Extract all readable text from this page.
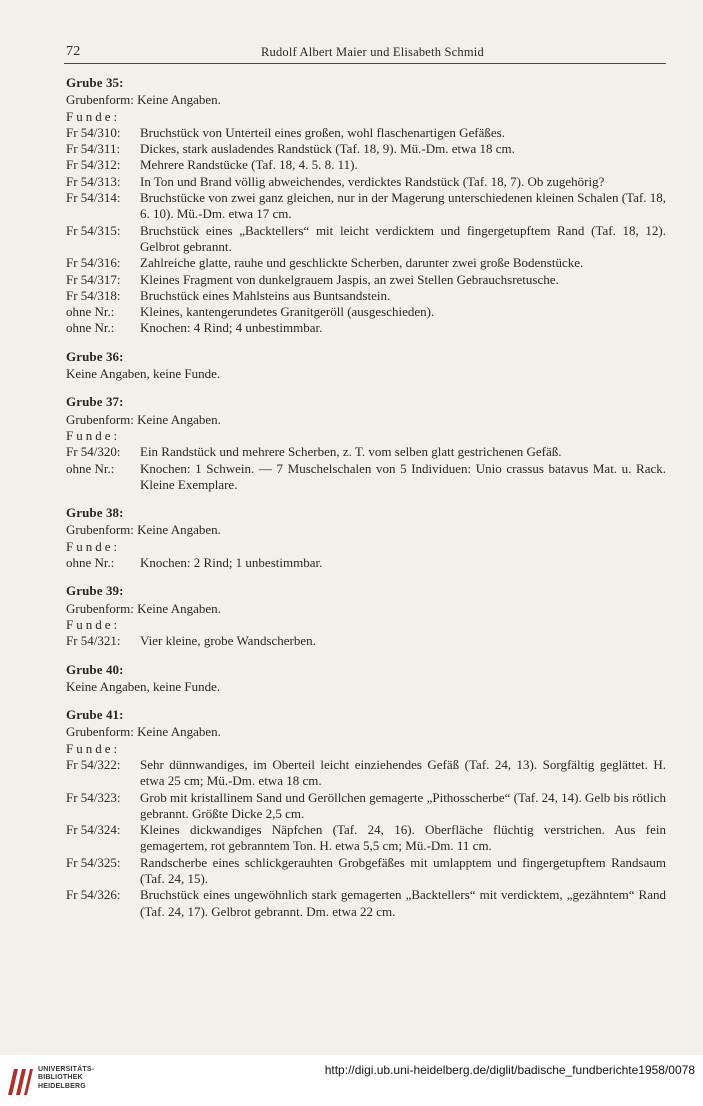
72	Rudolf Albert Maier und Elisabeth Schmid
Grube 35:
Grubenform: Keine Angaben.
Funde:
Fr 54/310:	Bruchstück von Unterteil eines großen, wohl flaschenartigen Gefäßes.
Fr 54/311:	Dickes, stark ausladendes Randstück (Taf. 18, 9). Mü.-Dm. etwa 18 cm.
Fr 54/312:	Mehrere Randstücke (Taf. 18, 4. 5. 8. 11).
Fr 54/313:	In Ton und Brand völlig abweichendes, verdicktes Randstück (Taf. 18, 7). Ob zugehörig?
Fr 54/314:	Bruchstücke von zwei ganz gleichen, nur in der Magerung unterschiedenen kleinen Schalen (Taf. 18, 6. 10). Mü.-Dm. etwa 17 cm.
Fr 54/315:	Bruchstück eines „Backtellers“ mit leicht verdicktem und fingergetupftem Rand (Taf. 18, 12). Gelbrot gebrannt.
Fr 54/316:	Zahlreiche glatte, rauhe und geschlickte Scherben, darunter zwei große Bodenstücke.
Fr 54/317:	Kleines Fragment von dunkelgrauem Jaspis, an zwei Stellen Gebrauchsretusche.
Fr 54/318:	Bruchstück eines Mahlsteins aus Buntsandstein.
ohne Nr.:	Kleines, kantengerundetes Granitgeröll (ausgeschieden).
ohne Nr.:	Knochen: 4 Rind; 4 unbestimmbar.
Grube 36:
Keine Angaben, keine Funde.
Grube 37:
Grubenform: Keine Angaben.
Funde:
Fr 54/320:	Ein Randstück und mehrere Scherben, z. T. vom selben glatt gestrichenen Gefäß.
ohne Nr.:	Knochen: 1 Schwein. — 7 Muschelschalen von 5 Individuen: Unio crassus batavus Mat. u. Rack. Kleine Exemplare.
Grube 38:
Grubenform: Keine Angaben.
Funde:
ohne Nr.:	Knochen: 2 Rind; 1 unbestimmbar.
Grube 39:
Grubenform: Keine Angaben.
Funde:
Fr 54/321:	Vier kleine, grobe Wandscherben.
Grube 40:
Keine Angaben, keine Funde.
Grube 41:
Grubenform: Keine Angaben.
Funde:
Fr 54/322:	Sehr dünnwandiges, im Oberteil leicht einziehendes Gefäß (Taf. 24, 13). Sorgfältig geglättet. H. etwa 25 cm; Mü.-Dm. etwa 18 cm.
Fr 54/323:	Grob mit kristallinem Sand und Geröllchen gemagerte „Pithosscherbe“ (Taf. 24, 14). Gelb bis rötlich gebrannt. Größte Dicke 2,5 cm.
Fr 54/324:	Kleines dickwandiges Näpfchen (Taf. 24, 16). Oberfläche flüchtig verstrichen. Aus fein gemagertem, rot gebranntem Ton. H. etwa 5,5 cm; Mü.-Dm. 11 cm.
Fr 54/325:	Randscherbe eines schlickgerauhten Grobgefäßes mit umlapptem und fingergetupftem Randsaum (Taf. 24, 15).
Fr 54/326:	Bruchstück eines ungewöhnlich stark gemagerten „Backtellers“ mit verdicktem, „gezähntem“ Rand (Taf. 24, 17). Gelbrot gebrannt. Dm. etwa 22 cm.
UNIVERSITÄTS-
BIBLIOTHEK
HEIDELBERG
http://digi.ub.uni-heidelberg.de/diglit/badische_fundberichte1958/0078
